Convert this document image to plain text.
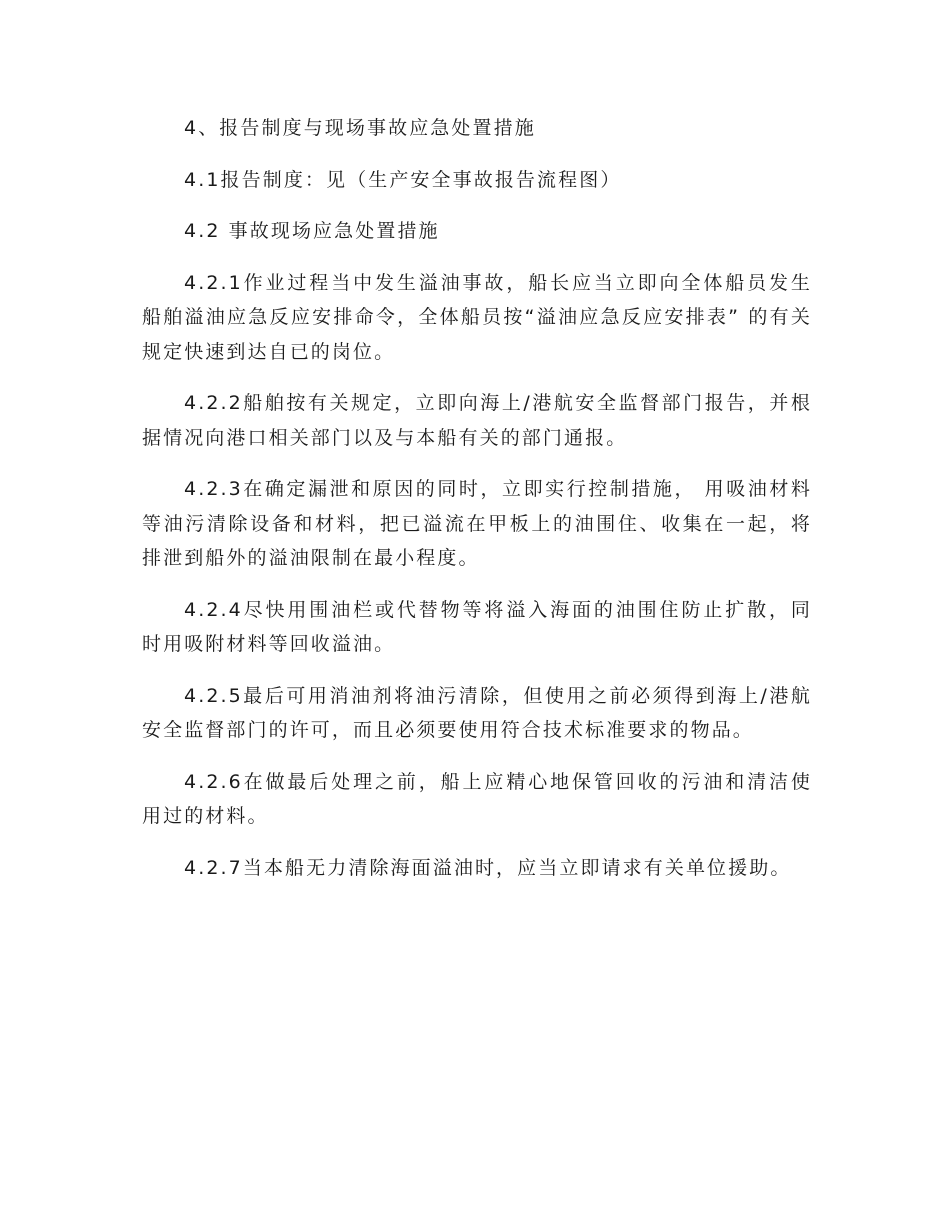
4、报告制度与现场事故应急处置措施

4.1报告制度：见（生产安全事故报告流程图）

4.2 事故现场应急处置措施

4.2.1作业过程当中发生溢油事故，船长应当立即向全体船员发生船舶溢油应急反应安排命令，全体船员按“溢油应急反应安排表” 的有关规定快速到达自已的岗位。

4.2.2船舶按有关规定，立即向海上/港航安全监督部门报告，并根据情况向港口相关部门以及与本船有关的部门通报。

4.2.3在确定漏泄和原因的同时，立即实行控制措施， 用吸油材料等油污清除设备和材料，把已溢流在甲板上的油围住、收集在一起，将排泄到船外的溢油限制在最小程度。

4.2.4尽快用围油栏或代替物等将溢入海面的油围住防止扩散，同时用吸附材料等回收溢油。

4.2.5最后可用消油剂将油污清除，但使用之前必须得到海上/港航安全监督部门的许可，而且必须要使用符合技术标准要求的物品。

4.2.6在做最后处理之前，船上应精心地保管回收的污油和清洁使用过的材料。

4.2.7当本船无力清除海面溢油时，应当立即请求有关单位援助。
